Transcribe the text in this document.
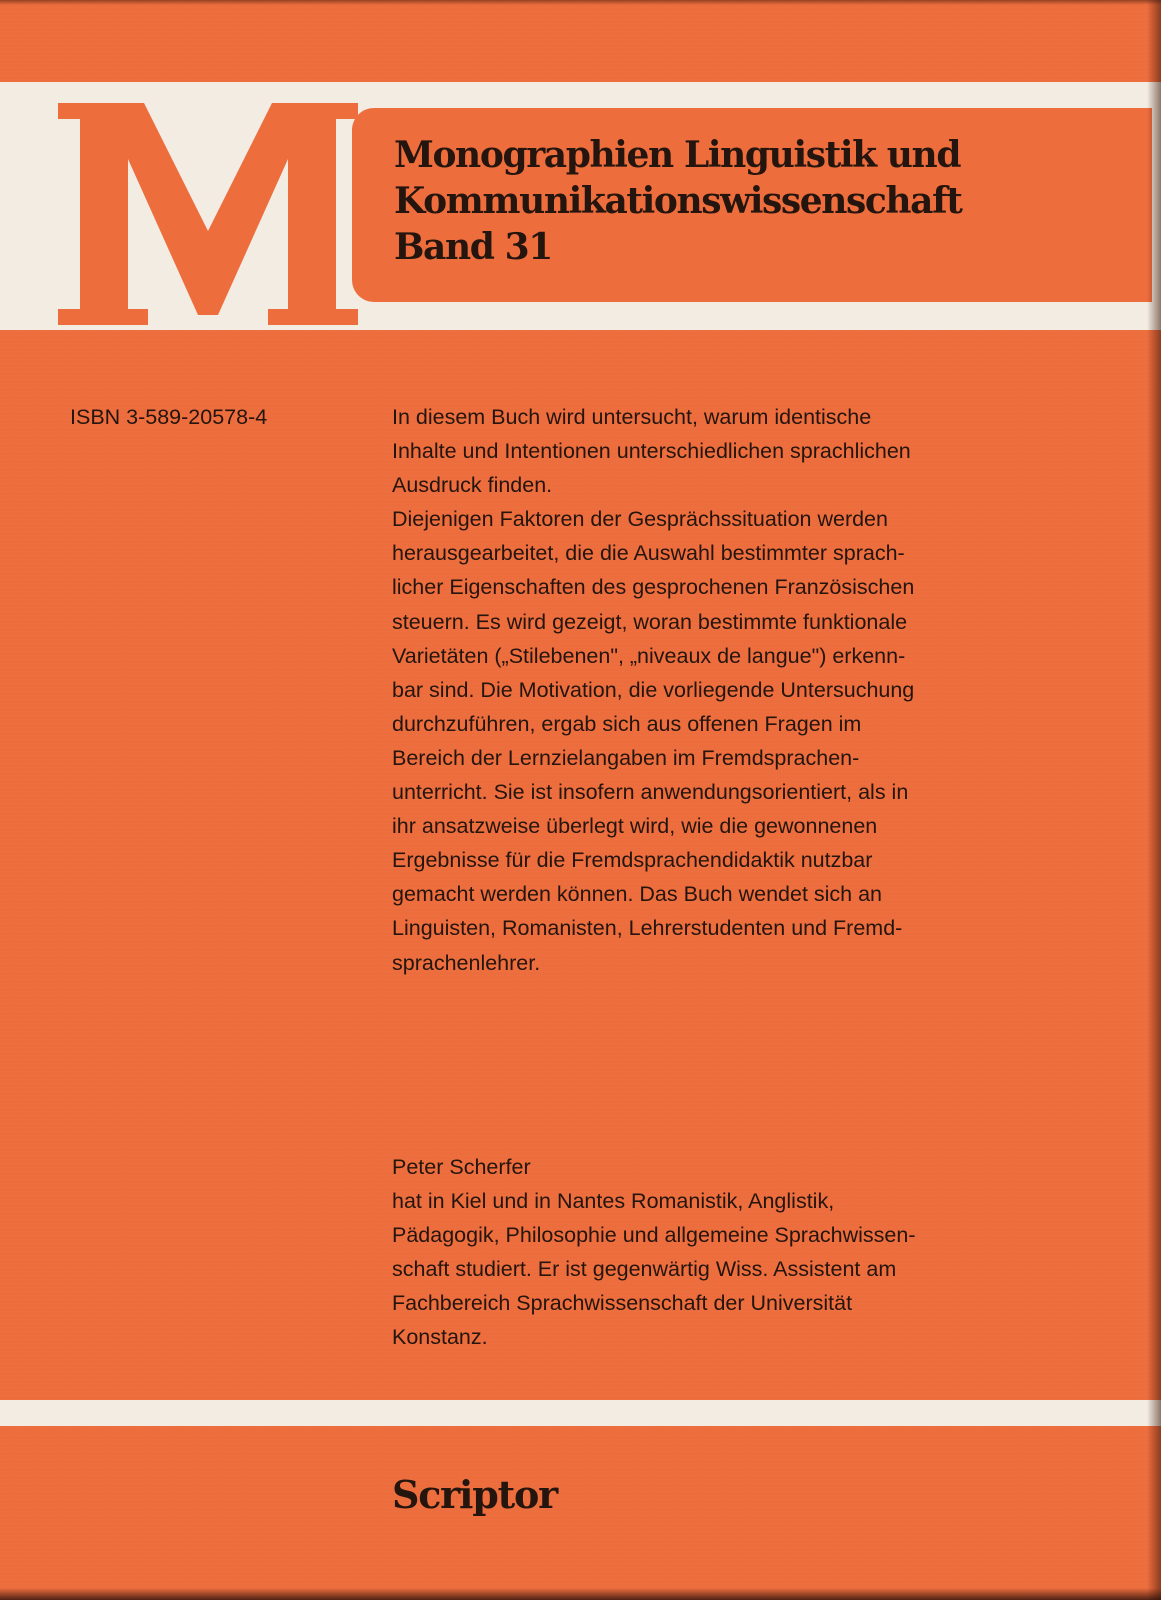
Monographien Linguistik und
Kommunikationswissenschaft
Band 31
ISBN 3-589-20578-4	In diesem Buch wird untersucht, warum identische
Inhalte und Intentionen unterschiedlichen sprachlichen
Ausdruck finden.
Diejenigen Faktoren der Gesprächssituation werden
herausgearbeitet, die die Auswahl bestimmter sprach-
licher Eigenschaften des gesprochenen Französischen
steuern. Es wird gezeigt, woran bestimmte funktionale
Varietäten („Stilebenen", „niveaux de langue") erkenn-
bar sind. Die Motivation, die vorliegende Untersuchung
durchzuführen, ergab sich aus offenen Fragen im
Bereich der Lernzielangaben im Fremdsprachen-
unterricht. Sie ist insofern anwendungsorientiert, als in
ihr ansatzweise überlegt wird, wie die gewonnenen
Ergebnisse für die Fremdsprachendidaktik nutzbar
gemacht werden können. Das Buch wendet sich an
Linguisten, Romanisten, Lehrerstudenten und Fremd-
sprachenlehrer.
Peter Scherfer
hat in Kiel und in Nantes Romanistik, Anglistik,
Pädagogik, Philosophie und allgemeine Sprachwissen-
schaft studiert. Er ist gegenwärtig Wiss. Assistent am
Fachbereich Sprachwissenschaft der Universität
Konstanz.
Scriptor
